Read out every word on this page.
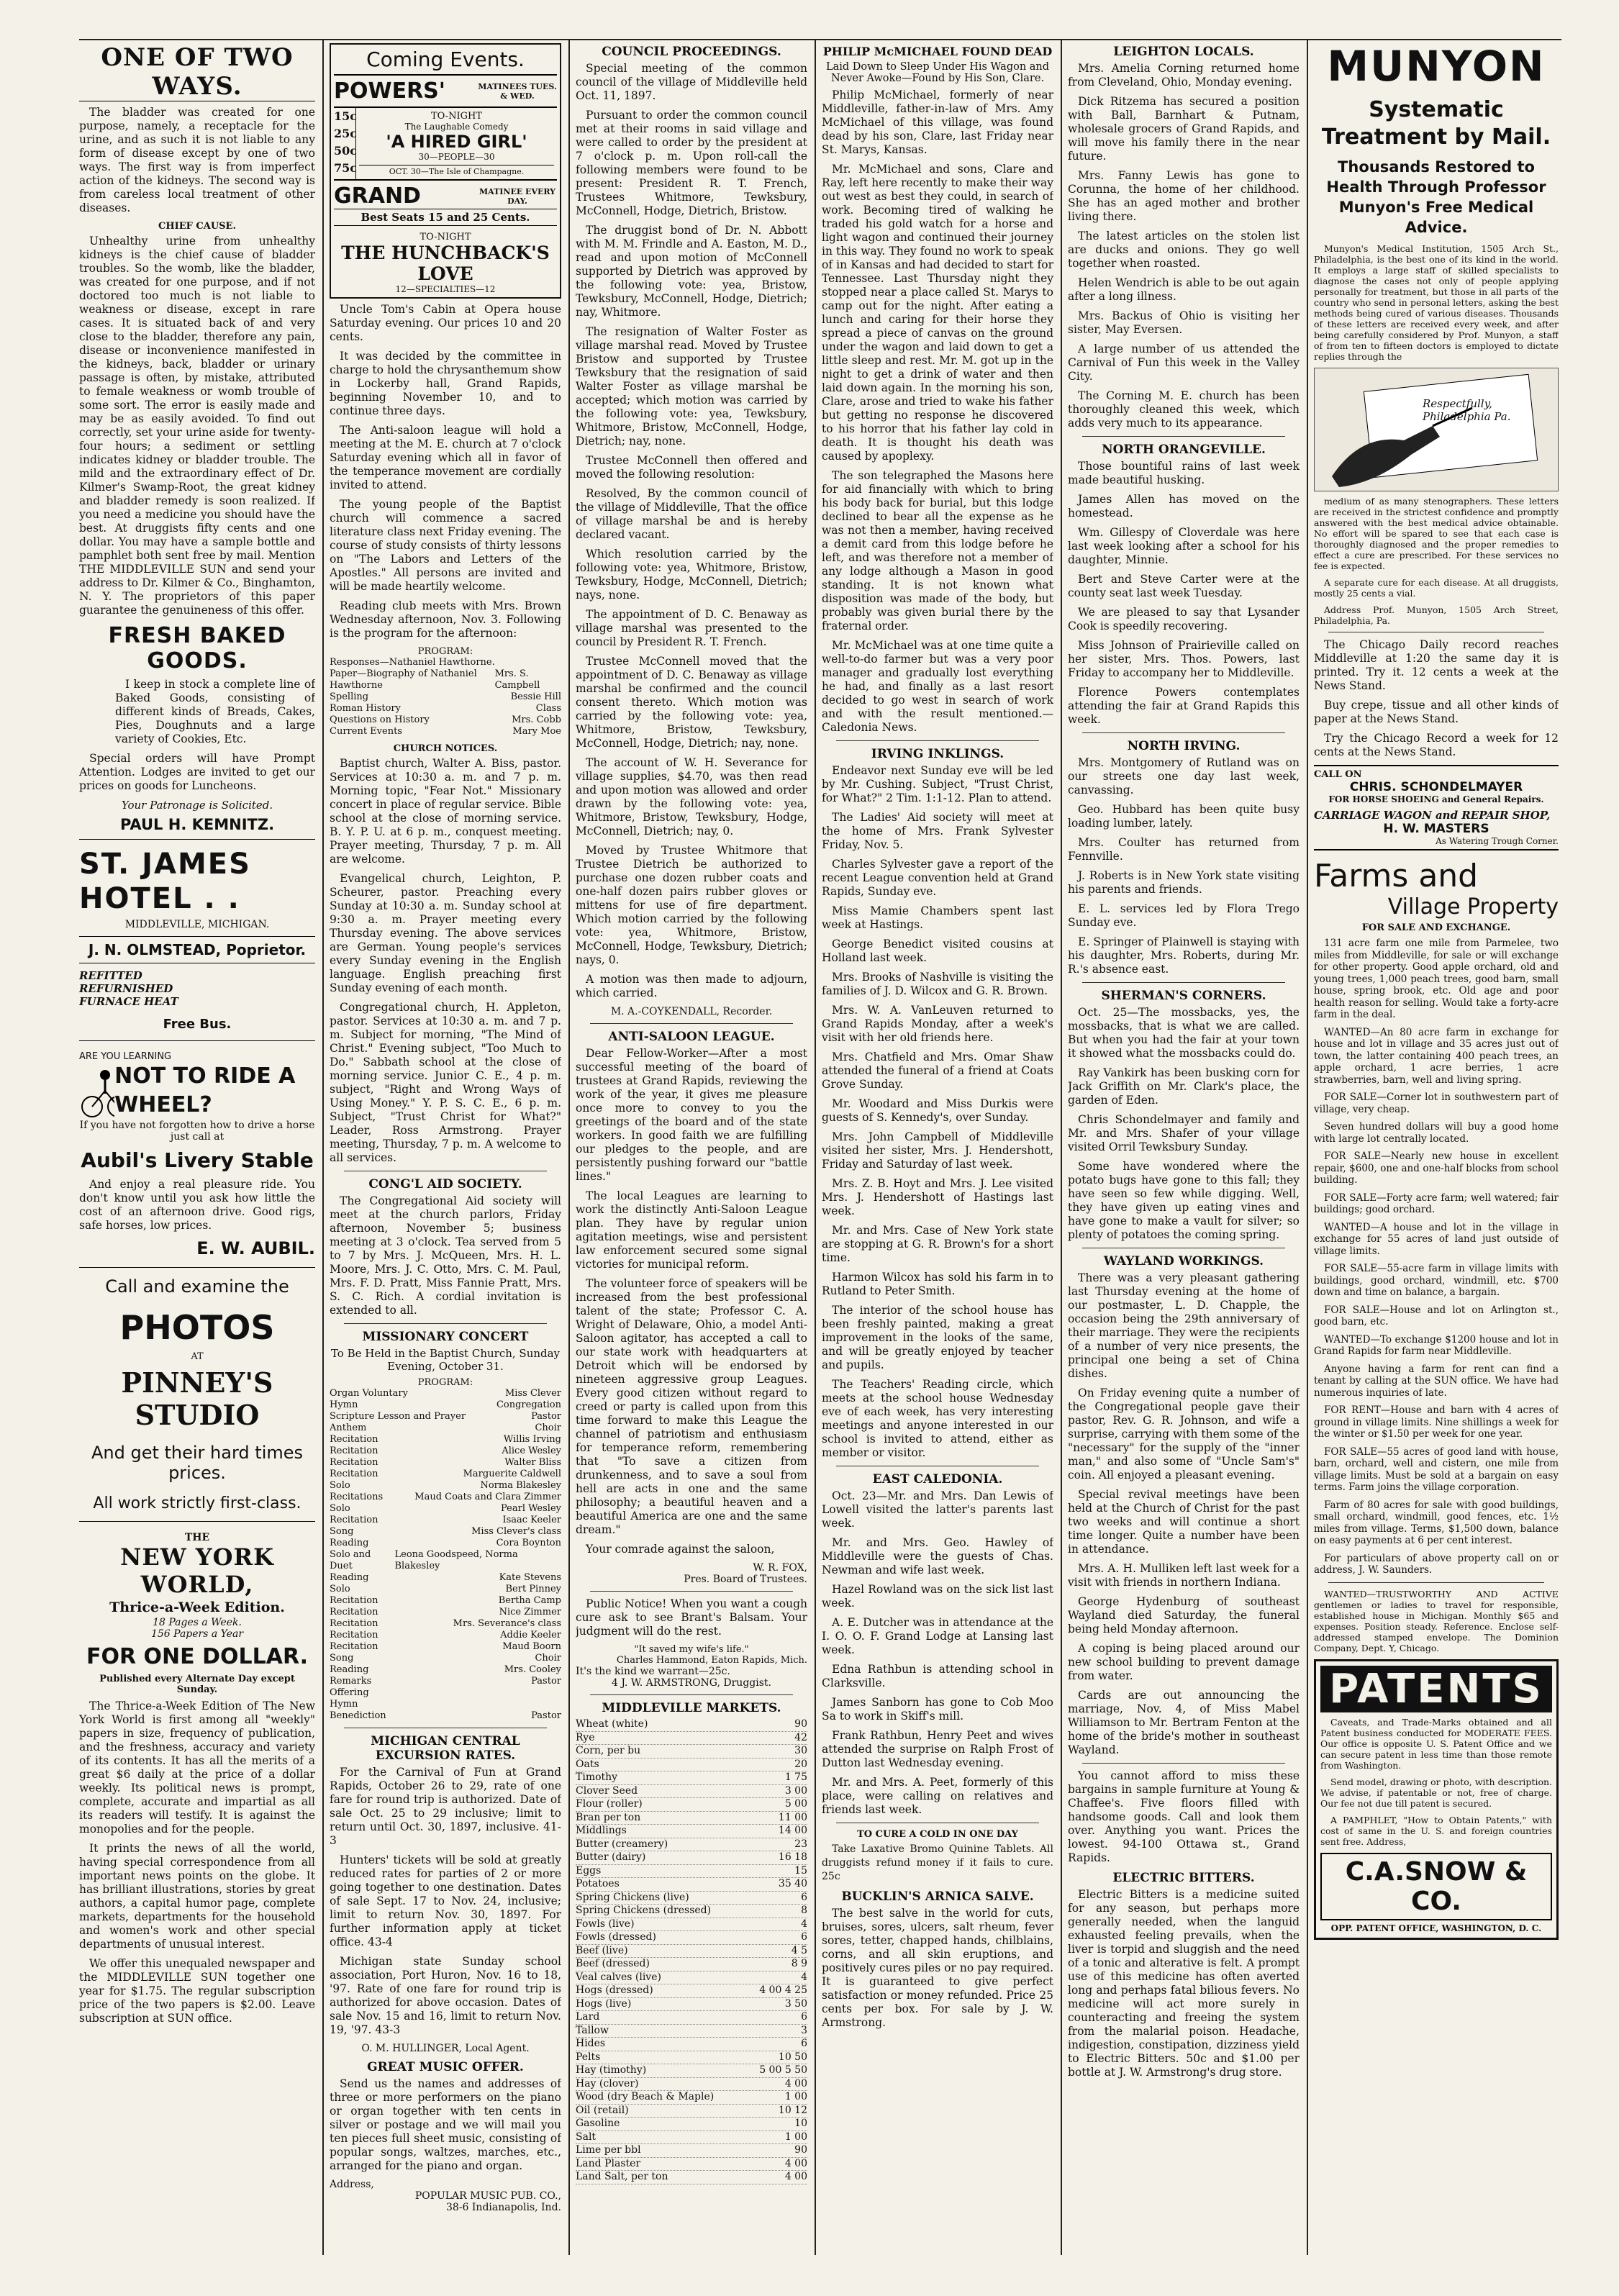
ONE OF TWO WAYS.

The bladder was created for one purpose, namely, a receptacle for the urine, and as such it is not liable to any form of disease except by one of two ways. The first way is from imperfect action of the kidneys. The second way is from careless local treatment of other diseases.

CHIEF CAUSE.

Unhealthy urine from unhealthy kidneys is the chief cause of bladder troubles. So the womb, like the bladder, was created for one purpose, and if not doctored too much is not liable to weakness or disease, except in rare cases. It is situated back of and very close to the bladder, therefore any pain, disease or inconvenience manifested in the kidneys, back, bladder or urinary passage is often, by mistake, attributed to female weakness or womb trouble of some sort. The error is easily made and may be as easily avoided. To find out correctly, set your urine aside for twenty-four hours; a sediment or settling indicates kidney or bladder trouble. The mild and the extraordinary effect of Dr. Kilmer's Swamp-Root, the great kidney and bladder remedy is soon realized. If you need a medicine you should have the best. At druggists fifty cents and one dollar. You may have a sample bottle and pamphlet both sent free by mail. Mention THE MIDDLEVILLE SUN and send your address to Dr. Kilmer & Co., Binghamton, N. Y. The proprietors of this paper guarantee the genuineness of this offer.

FRESH BAKED GOODS.

I keep in stock a complete line of Baked Goods, consisting of different kinds of Breads, Cakes, Pies, Doughnuts and a large variety of Cookies, Etc.

Special orders will have Prompt Attention. Lodges are invited to get our prices on goods for Luncheons.

Your Patronage is Solicited.
PAUL H. KEMNITZ.
ST. JAMES HOTEL . .
MIDDLEVILLE, MICHIGAN.
J. N. OLMSTEAD, Poprietor.
REFITTED
REFURNISHED
FURNACE HEAT
Free Bus.
ARE YOU LEARNING
NOT TO RIDE A WHEEL?
If you have not forgotten how to drive a horse just call at
Aubil's Livery Stable

And enjoy a real pleasure ride. You don't know until you ask how little the cost of an afternoon drive. Good rigs, safe horses, low prices.

E. W. AUBIL.
Call and examine the
PHOTOS
AT
PINNEY'S STUDIO
And get their hard times prices.
All work strictly first-class.
THE
NEW YORK WORLD,
Thrice-a-Week Edition.
18 Pages a Week.
156 Papers a Year
FOR ONE DOLLAR.
Published every Alternate Day except Sunday.

The Thrice-a-Week Edition of The New York World is first among all "weekly" papers in size, frequency of publication, and the freshness, accuracy and variety of its contents. It has all the merits of a great $6 daily at the price of a dollar weekly. Its political news is prompt, complete, accurate and impartial as all its readers will testify. It is against the monopolies and for the people.

It prints the news of all the world, having special correspondence from all important news points on the globe. It has brilliant illustrations, stories by great authors, a capital humor page, complete markets, departments for the household and women's work and other special departments of unusual interest.

We offer this unequaled newspaper and the MIDDLEVILLE SUN together one year for $1.75. The regular subscription price of the two papers is $2.00. Leave subscription at SUN office.

Coming Events.
POWERS'	MATINEES TUES. & WED.
15c 25c 50c 75c
TO-NIGHT
The Laughable Comedy
'A HIRED GIRL'
30—PEOPLE—30
OCT. 30—The Isle of Champagne.
GRAND	MATINEE EVERY DAY.
Best Seats 15 and 25 Cents.
TO-NIGHT
THE HUNCHBACK'S LOVE
12—SPECIALTIES—12

Uncle Tom's Cabin at Opera house Saturday evening. Our prices 10 and 20 cents.

It was decided by the committee in charge to hold the chrysanthemum show in Lockerby hall, Grand Rapids, beginning November 10, and to continue three days.

The Anti-saloon league will hold a meeting at the M. E. church at 7 o'clock Saturday evening which all in favor of the temperance movement are cordially invited to attend.

The young people of the Baptist church will commence a sacred literature class next Friday evening. The course of study consists of thirty lessons on "The Labors and Letters of the Apostles." All persons are invited and will be made heartily welcome.

Reading club meets with Mrs. Brown Wednesday afternoon, Nov. 3. Following is the program for the afternoon:

PROGRAM:
Responses—Nathaniel Hawthorne.
Paper—Biography of Nathaniel Hawthorne
Mrs. S. Campbell
Spelling	Bessie Hill
Roman History	Class
Questions on History	Mrs. Cobb
Current Events	Mary Moe
CHURCH NOTICES.

Baptist church, Walter A. Biss, pastor. Services at 10:30 a. m. and 7 p. m. Morning topic, "Fear Not." Missionary concert in place of regular service. Bible school at the close of morning service. B. Y. P. U. at 6 p. m., conquest meeting. Prayer meeting, Thursday, 7 p. m. All are welcome.

Evangelical church, Leighton, P. Scheurer, pastor. Preaching every Sunday at 10:30 a. m. Sunday school at 9:30 a. m. Prayer meeting every Thursday evening. The above services are German. Young people's services every Sunday evening in the English language. English preaching first Sunday evening of each month.

Congregational church, H. Appleton, pastor. Services at 10:30 a. m. and 7 p. m. Subject for morning, "The Mind of Christ." Evening subject, "Too Much to Do." Sabbath school at the close of morning service. Junior C. E., 4 p. m. subject, "Right and Wrong Ways of Using Money." Y. P. S. C. E., 6 p. m. Subject, "Trust Christ for What?" Leader, Ross Armstrong. Prayer meeting, Thursday, 7 p. m. A welcome to all services.

CONG'L AID SOCIETY.

The Congregational Aid society will meet at the church parlors, Friday afternoon, November 5; business meeting at 3 o'clock. Tea served from 5 to 7 by Mrs. J. McQueen, Mrs. H. L. Moore, Mrs. J. C. Otto, Mrs. C. M. Paul, Mrs. F. D. Pratt, Miss Fannie Pratt, Mrs. S. C. Rich. A cordial invitation is extended to all.

MISSIONARY CONCERT
To Be Held in the Baptist Church, Sunday Evening, October 31.
PROGRAM:
Organ Voluntary	Miss Clever
Hymn	Congregation
Scripture Lesson and Prayer	Pastor
Anthem	Choir
Recitation	Willis Irving
Recitation	Alice Wesley
Recitation	Walter Bliss
Recitation	Marguerite Caldwell
Solo	Norma Blakesley
Recitations	Maud Coats and Clara Zimmer
Solo	Pearl Wesley
Recitation	Isaac Keeler
Song	Miss Clever's class
Reading	Cora Boynton
Solo and Duet
Leona Goodspeed, Norma Blakesley
Reading	Kate Stevens
Solo	Bert Pinney
Recitation	Bertha Camp
Recitation	Nice Zimmer
Recitation	Mrs. Severance's class
Recitation	Addie Keeler
Recitation	Maud Boorn
Song	Choir
Reading	Mrs. Cooley
Remarks	Pastor
Offering
Hymn
Benediction	Pastor
MICHIGAN CENTRAL EXCURSION RATES.

For the Carnival of Fun at Grand Rapids, October 26 to 29, rate of one fare for round trip is authorized. Date of sale Oct. 25 to 29 inclusive; limit to return until Oct. 30, 1897, inclusive. 41-3

Hunters' tickets will be sold at greatly reduced rates for parties of 2 or more going together to one destination. Dates of sale Sept. 17 to Nov. 24, inclusive; limit to return Nov. 30, 1897. For further information apply at ticket office. 43-4

Michigan state Sunday school association, Port Huron, Nov. 16 to 18, '97. Rate of one fare for round trip is authorized for above occasion. Dates of sale Nov. 15 and 16, limit to return Nov. 19, '97. 43-3

O. M. HULLINGER, Local Agent.
GREAT MUSIC OFFER.

Send us the names and addresses of three or more performers on the piano or organ together with ten cents in silver or postage and we will mail you ten pieces full sheet music, consisting of popular songs, waltzes, marches, etc., arranged for the piano and organ.

Address,
POPULAR MUSIC PUB. CO.,
38-6 Indianapolis, Ind.
COUNCIL PROCEEDINGS.

Special meeting of the common council of the village of Middleville held Oct. 11, 1897.

Pursuant to order the common council met at their rooms in said village and were called to order by the president at 7 o'clock p. m. Upon roll-call the following members were found to be present: President R. T. French, Trustees Whitmore, Tewksbury, McConnell, Hodge, Dietrich, Bristow.

The druggist bond of Dr. N. Abbott with M. M. Frindle and A. Easton, M. D., read and upon motion of McConnell supported by Dietrich was approved by the following vote: yea, Bristow, Tewksbury, McConnell, Hodge, Dietrich; nay, Whitmore.

The resignation of Walter Foster as village marshal read. Moved by Trustee Bristow and supported by Trustee Tewksbury that the resignation of said Walter Foster as village marshal be accepted; which motion was carried by the following vote: yea, Tewksbury, Whitmore, Bristow, McConnell, Hodge, Dietrich; nay, none.

Trustee McConnell then offered and moved the following resolution:

Resolved, By the common council of the village of Middleville, That the office of village marshal be and is hereby declared vacant.

Which resolution carried by the following vote: yea, Whitmore, Bristow, Tewksbury, Hodge, McConnell, Dietrich; nays, none.

The appointment of D. C. Benaway as village marshal was presented to the council by President R. T. French.

Trustee McConnell moved that the appointment of D. C. Benaway as village marshal be confirmed and the council consent thereto. Which motion was carried by the following vote: yea, Whitmore, Bristow, Tewksbury, McConnell, Hodge, Dietrich; nay, none.

The account of W. H. Severance for village supplies, $4.70, was then read and upon motion was allowed and order drawn by the following vote: yea, Whitmore, Bristow, Tewksbury, Hodge, McConnell, Dietrich; nay, 0.

Moved by Trustee Whitmore that Trustee Dietrich be authorized to purchase one dozen rubber coats and one-half dozen pairs rubber gloves or mittens for use of fire department. Which motion carried by the following vote: yea, Whitmore, Bristow, McConnell, Hodge, Tewksbury, Dietrich; nays, 0.

A motion was then made to adjourn, which carried.

M. A.-COYKENDALL, Recorder.
ANTI-SALOON LEAGUE.

Dear Fellow-Worker—After a most successful meeting of the board of trustees at Grand Rapids, reviewing the work of the year, it gives me pleasure once more to convey to you the greetings of the board and of the state workers. In good faith we are fulfilling our pledges to the people, and are persistently pushing forward our "battle lines."

The local Leagues are learning to work the distinctly Anti-Saloon League plan. They have by regular union agitation meetings, wise and persistent law enforcement secured some signal victories for municipal reform.

The volunteer force of speakers will be increased from the best professional talent of the state; Professor C. A. Wright of Delaware, Ohio, a model Anti-Saloon agitator, has accepted a call to our state work with headquarters at Detroit which will be endorsed by nineteen aggressive group Leagues. Every good citizen without regard to creed or party is called upon from this time forward to make this League the channel of patriotism and enthusiasm for temperance reform, remembering that "To save a citizen from drunkenness, and to save a soul from hell are acts in one and the same philosophy; a beautiful heaven and a beautiful America are one and the same dream."

Your comrade against the saloon,

W. R. FOX,
Pres. Board of Trustees.

Public Notice! When you want a cough cure ask to see Brant's Balsam. Your judgment will do the rest.

"It saved my wife's life."
Charles Hammond, Eaton Rapids, Mich.
It's the kind we warrant—25c.
4 J. W. ARMSTRONG, Druggist.
MIDDLEVILLE MARKETS.
Wheat (white)	90
Rye	42
Corn, per bu	30
Oats	20
Timothy	1 75
Clover Seed	3 00
Flour (roller)	5 00
Bran per ton	11 00
Middlings	14 00
Butter (creamery)	23
Butter (dairy)	16 18
Eggs	15
Potatoes	35 40
Spring Chickens (live)	6
Spring Chickens (dressed)	8
Fowls (live)	4
Fowls (dressed)	6
Beef (live)	4 5
Beef (dressed)	8 9
Veal calves (live)	4
Hogs (dressed)	4 00 4 25
Hogs (live)	3 50
Lard	6
Tallow	3
Hides	6
Pelts	10 50
Hay (timothy)	5 00 5 50
Hay (clover)	4 00
Wood (dry Beach & Maple)	1 00
Oil (retail)	10 12
Gasoline	10
Salt	1 00
Lime per bbl	90
Land Plaster	4 00
Land Salt, per ton	4 00
PHILIP McMICHAEL FOUND DEAD
Laid Down to Sleep Under His Wagon and Never Awoke—Found by His Son, Clare.

Philip McMichael, formerly of near Middleville, father-in-law of Mrs. Amy McMichael of this village, was found dead by his son, Clare, last Friday near St. Marys, Kansas.

Mr. McMichael and sons, Clare and Ray, left here recently to make their way out west as best they could, in search of work. Becoming tired of walking he traded his gold watch for a horse and light wagon and continued their journey in this way. They found no work to speak of in Kansas and had decided to start for Tennessee. Last Thursday night they stopped near a place called St. Marys to camp out for the night. After eating a lunch and caring for their horse they spread a piece of canvas on the ground under the wagon and laid down to get a little sleep and rest. Mr. M. got up in the night to get a drink of water and then laid down again. In the morning his son, Clare, arose and tried to wake his father but getting no response he discovered to his horror that his father lay cold in death. It is thought his death was caused by apoplexy.

The son telegraphed the Masons here for aid financially with which to bring his body back for burial, but this lodge declined to bear all the expense as he was not then a member, having received a demit card from this lodge before he left, and was therefore not a member of any lodge although a Mason in good standing. It is not known what disposition was made of the body, but probably was given burial there by the fraternal order.

Mr. McMichael was at one time quite a well-to-do farmer but was a very poor manager and gradually lost everything he had, and finally as a last resort decided to go west in search of work and with the result mentioned.—Caledonia News.

IRVING INKLINGS.

Endeavor next Sunday eve will be led by Mr. Cushing. Subject, "Trust Christ, for What?" 2 Tim. 1:1-12. Plan to attend.

The Ladies' Aid society will meet at the home of Mrs. Frank Sylvester Friday, Nov. 5.

Charles Sylvester gave a report of the recent League convention held at Grand Rapids, Sunday eve.

Miss Mamie Chambers spent last week at Hastings.

George Benedict visited cousins at Holland last week.

Mrs. Brooks of Nashville is visiting the families of J. D. Wilcox and G. R. Brown.

Mrs. W. A. VanLeuven returned to Grand Rapids Monday, after a week's visit with her old friends here.

Mrs. Chatfield and Mrs. Omar Shaw attended the funeral of a friend at Coats Grove Sunday.

Mr. Woodard and Miss Durkis were guests of S. Kennedy's, over Sunday.

Mrs. John Campbell of Middleville visited her sister, Mrs. J. Hendershott, Friday and Saturday of last week.

Mrs. Z. B. Hoyt and Mrs. J. Lee visited Mrs. J. Hendershott of Hastings last week.

Mr. and Mrs. Case of New York state are stopping at G. R. Brown's for a short time.

Harmon Wilcox has sold his farm in to Rutland to Peter Smith.

The interior of the school house has been freshly painted, making a great improvement in the looks of the same, and will be greatly enjoyed by teacher and pupils.

The Teachers' Reading circle, which meets at the school house Wednesday eve of each week, has very interesting meetings and anyone interested in our school is invited to attend, either as member or visitor.

EAST CALEDONIA.

Oct. 23—Mr. and Mrs. Dan Lewis of Lowell visited the latter's parents last week.

Mr. and Mrs. Geo. Hawley of Middleville were the guests of Chas. Newman and wife last week.

Hazel Rowland was on the sick list last week.

A. E. Dutcher was in attendance at the I. O. O. F. Grand Lodge at Lansing last week.

Edna Rathbun is attending school in Clarksville.

James Sanborn has gone to Cob Moo Sa to work in Skiff's mill.

Frank Rathbun, Henry Peet and wives attended the surprise on Ralph Frost of Dutton last Wednesday evening.

Mr. and Mrs. A. Peet, formerly of this place, were calling on relatives and friends last week.

TO CURE A COLD IN ONE DAY

Take Laxative Bromo Quinine Tablets. All druggists refund money if it fails to cure. 25c

BUCKLIN'S ARNICA SALVE.

The best salve in the world for cuts, bruises, sores, ulcers, salt rheum, fever sores, tetter, chapped hands, chilblains, corns, and all skin eruptions, and positively cures piles or no pay required. It is guaranteed to give perfect satisfaction or money refunded. Price 25 cents per box. For sale by J. W. Armstrong.

LEIGHTON LOCALS.

Mrs. Amelia Corning returned home from Cleveland, Ohio, Monday evening.

Dick Ritzema has secured a position with Ball, Barnhart & Putnam, wholesale grocers of Grand Rapids, and will move his family there in the near future.

Mrs. Fanny Lewis has gone to Corunna, the home of her childhood. She has an aged mother and brother living there.

The latest articles on the stolen list are ducks and onions. They go well together when roasted.

Helen Wendrich is able to be out again after a long illness.

Mrs. Backus of Ohio is visiting her sister, May Eversen.

A large number of us attended the Carnival of Fun this week in the Valley City.

The Corning M. E. church has been thoroughly cleaned this week, which adds very much to its appearance.

NORTH ORANGEVILLE.

Those bountiful rains of last week made beautiful husking.

James Allen has moved on the homestead.

Wm. Gillespy of Cloverdale was here last week looking after a school for his daughter, Minnie.

Bert and Steve Carter were at the county seat last week Tuesday.

We are pleased to say that Lysander Cook is speedily recovering.

Miss Johnson of Prairieville called on her sister, Mrs. Thos. Powers, last Friday to accompany her to Middleville.

Florence Powers contemplates attending the fair at Grand Rapids this week.

NORTH IRVING.

Mrs. Montgomery of Rutland was on our streets one day last week, canvassing.

Geo. Hubbard has been quite busy loading lumber, lately.

Mrs. Coulter has returned from Fennville.

J. Roberts is in New York state visiting his parents and friends.

E. L. services led by Flora Trego Sunday eve.

E. Springer of Plainwell is staying with his daughter, Mrs. Roberts, during Mr. R.'s absence east.

SHERMAN'S CORNERS.

Oct. 25—The mossbacks, yes, the mossbacks, that is what we are called. But when you had the fair at your town it showed what the mossbacks could do.

Ray Vankirk has been busking corn for Jack Griffith on Mr. Clark's place, the garden of Eden.

Chris Schondelmayer and family and Mr. and Mrs. Shafer of your village visited Orril Tewksbury Sunday.

Some have wondered where the potato bugs have gone to this fall; they have seen so few while digging. Well, they have given up eating vines and have gone to make a vault for silver; so plenty of potatoes the coming spring.

WAYLAND WORKINGS.

There was a very pleasant gathering last Thursday evening at the home of our postmaster, L. D. Chapple, the occasion being the 29th anniversary of their marriage. They were the recipients of a number of very nice presents, the principal one being a set of China dishes.

On Friday evening quite a number of the Congregational people gave their pastor, Rev. G. R. Johnson, and wife a surprise, carrying with them some of the "necessary" for the supply of the "inner man," and also some of "Uncle Sam's" coin. All enjoyed a pleasant evening.

Special revival meetings have been held at the Church of Christ for the past two weeks and will continue a short time longer. Quite a number have been in attendance.

Mrs. A. H. Mulliken left last week for a visit with friends in northern Indiana.

George Hydenburg of southeast Wayland died Saturday, the funeral being held Monday afternoon.

A coping is being placed around our new school building to prevent damage from water.

Cards are out announcing the marriage, Nov. 4, of Miss Mabel Williamson to Mr. Bertram Fenton at the home of the bride's mother in southeast Wayland.

You cannot afford to miss these bargains in sample furniture at Young & Chaffee's. Five floors filled with handsome goods. Call and look them over. Anything you want. Prices the lowest. 94-100 Ottawa st., Grand Rapids.

ELECTRIC BITTERS.

Electric Bitters is a medicine suited for any season, but perhaps more generally needed, when the languid exhausted feeling prevails, when the liver is torpid and sluggish and the need of a tonic and alterative is felt. A prompt use of this medicine has often averted long and perhaps fatal bilious fevers. No medicine will act more surely in counteracting and freeing the system from the malarial poison. Headache, indigestion, constipation, dizziness yield to Electric Bitters. 50c and $1.00 per bottle at J. W. Armstrong's drug store.

MUNYON
Systematic Treatment by Mail.
Thousands Restored to Health Through Professor Munyon's Free Medical Advice.

Munyon's Medical Institution, 1505 Arch St., Philadelphia, is the best one of its kind in the world. It employs a large staff of skilled specialists to diagnose the cases not only of people applying personally for treatment, but those in all parts of the country who send in personal letters, asking the best methods being cured of various diseases. Thousands of these letters are received every week, and after being carefully considered by Prof. Munyon, a staff of from ten to fifteen doctors is employed to dictate replies through the

Respectfully, Philadelphia Pa.

medium of as many stenographers. These letters are received in the strictest confidence and promptly answered with the best medical advice obtainable. No effort will be spared to see that each case is thoroughly diagnosed and the proper remedies to effect a cure are prescribed. For these services no fee is expected.

A separate cure for each disease. At all druggists, mostly 25 cents a vial.

Address Prof. Munyon, 1505 Arch Street, Philadelphia, Pa.

The Chicago Daily record reaches Middleville at 1:20 the same day it is printed. Try it. 12 cents a week at the News Stand.

Buy crepe, tissue and all other kinds of paper at the News Stand.

Try the Chicago Record a week for 12 cents at the News Stand.

CALL ON
CHRIS. SCHONDELMAYER
FOR HORSE SHOEING and General Repairs.
CARRIAGE WAGON and REPAIR SHOP,
H. W. MASTERS
As Watering Trough Corner.
Farms and
Village Property
FOR SALE AND EXCHANGE.

131 acre farm one mile from Parmelee, two miles from Middleville, for sale or will exchange for other property. Good apple orchard, old and young trees, 1,000 peach trees, good barn, small house, spring brook, etc. Old age and poor health reason for selling. Would take a forty-acre farm in the deal.

WANTED—An 80 acre farm in exchange for house and lot in village and 35 acres just out of town, the latter containing 400 peach trees, an apple orchard, 1 acre berries, 1 acre strawberries, barn, well and living spring.

FOR SALE—Corner lot in southwestern part of village, very cheap.

Seven hundred dollars will buy a good home with large lot centrally located.

FOR SALE—Nearly new house in excellent repair, $600, one and one-half blocks from school building.

FOR SALE—Forty acre farm; well watered; fair buildings; good orchard.

WANTED—A house and lot in the village in exchange for 55 acres of land just outside of village limits.

FOR SALE—55-acre farm in village limits with buildings, good orchard, windmill, etc. $700 down and time on balance, a bargain.

FOR SALE—House and lot on Arlington st., good barn, etc.

WANTED—To exchange $1200 house and lot in Grand Rapids for farm near Middleville.

Anyone having a farm for rent can find a tenant by calling at the SUN office. We have had numerous inquiries of late.

FOR RENT—House and barn with 4 acres of ground in village limits. Nine shillings a week for the winter or $1.50 per week for one year.

FOR SALE—55 acres of good land with house, barn, orchard, well and cistern, one mile from village limits. Must be sold at a bargain on easy terms. Farm joins the village corporation.

Farm of 80 acres for sale with good buildings, small orchard, windmill, good fences, etc. 1½ miles from village. Terms, $1,500 down, balance on easy payments at 6 per cent interest.

For particulars of above property call on or address, J. W. Saunders.

WANTED—TRUSTWORTHY AND ACTIVE gentlemen or ladies to travel for responsible, established house in Michigan. Monthly $65 and expenses. Position steady. Reference. Enclose self-addressed stamped envelope. The Dominion Company, Dept. Y, Chicago.

PATENTS

Caveats, and Trade-Marks obtained and all Patent business conducted for MODERATE FEES. Our office is opposite U. S. Patent Office and we can secure patent in less time than those remote from Washington.

Send model, drawing or photo, with description. We advise, if patentable or not, free of charge. Our fee not due till patent is secured.

A PAMPHLET, "How to Obtain Patents," with cost of same in the U. S. and foreign countries sent free. Address,

C.A.SNOW & CO.
OPP. PATENT OFFICE, WASHINGTON, D. C.
